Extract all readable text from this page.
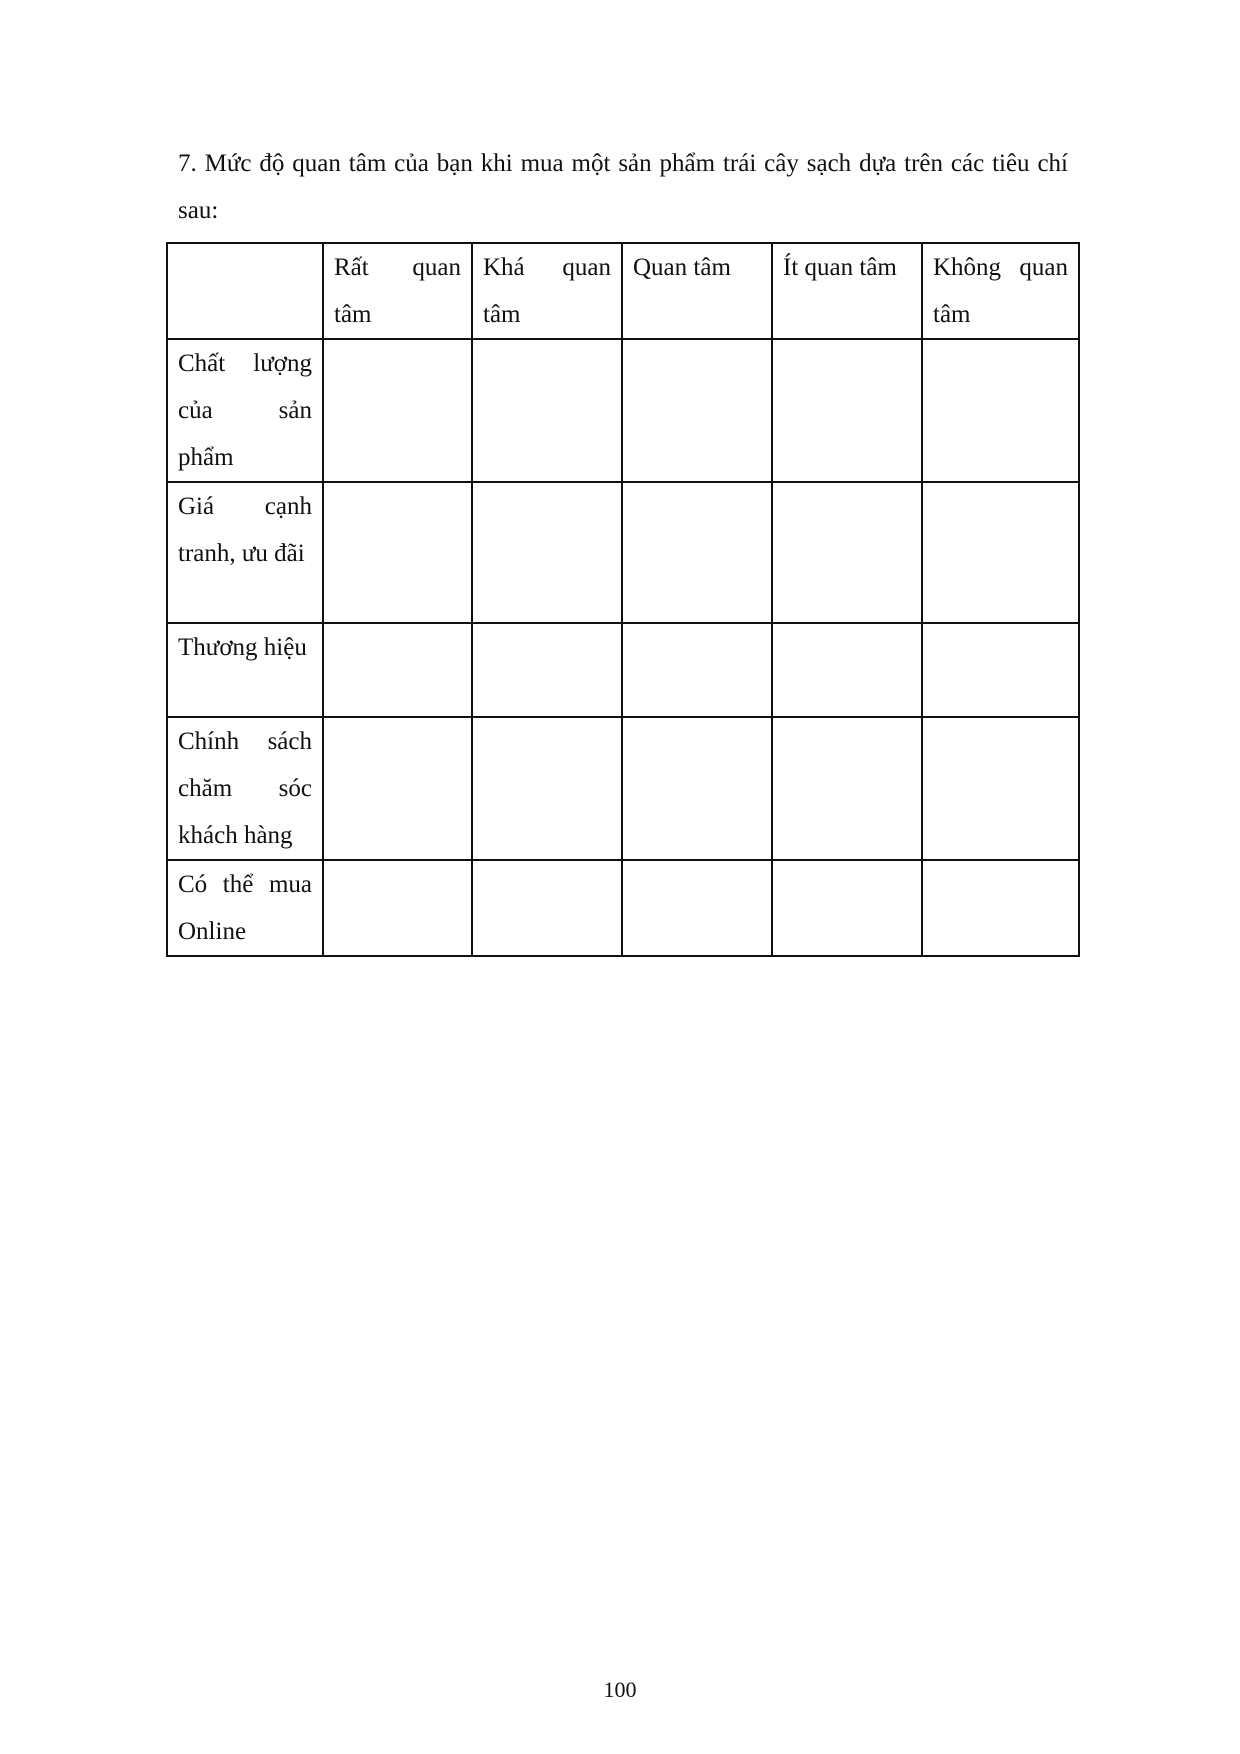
7. Mức độ quan tâm của bạn khi mua một sản phẩm trái cây sạch dựa trên các tiêu chí sau:

	Rất quan tâm	Khá quan tâm	Quan tâm	Ít quan tâm	Không quan tâm

Chất lượng của sản phẩm					

Giá cạnh tranh, ưu đãi					

Thương hiệu					

Chính sách chăm sóc khách hàng					

Có thể mua Online					

100
